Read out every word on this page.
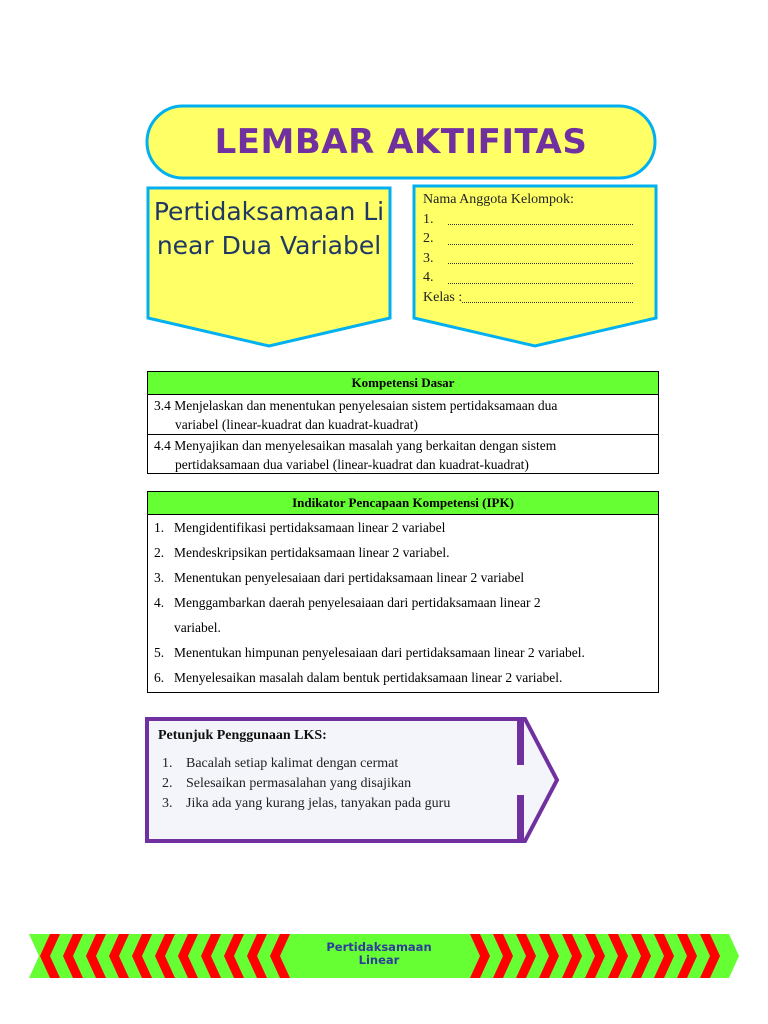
LEMBAR AKTIFITAS
Pertidaksamaan Linear Dua Variabel
Nama Anggota Kelompok:
1.
2.
3.
4.
Kelas :
Kompetensi Dasar
3.4 Menjelaskan dan menentukan penyelesaian sistem pertidaksamaan dua
variabel (linear-kuadrat dan kuadrat-kuadrat)
4.4 Menyajikan dan menyelesaikan masalah yang berkaitan dengan sistem
pertidaksamaan dua variabel (linear-kuadrat dan kuadrat-kuadrat)
Indikator Pencapaan Kompetensi (IPK)
1. Mengidentifikasi pertidaksamaan linear 2 variabel
2. Mendeskripsikan pertidaksamaan linear 2 variabel.
3. Menentukan penyelesaiaan dari pertidaksamaan linear 2 variabel
4. Menggambarkan daerah penyelesaiaan dari pertidaksamaan linear 2
variabel.
5. Menentukan himpunan penyelesaiaan dari pertidaksamaan linear 2 variabel.
6. Menyelesaikan masalah dalam bentuk pertidaksamaan linear 2 variabel.
Petunjuk Penggunaan LKS:
1. Bacalah setiap kalimat dengan cermat
2. Selesaikan permasalahan yang disajikan
3. Jika ada yang kurang jelas, tanyakan pada guru
Pertidaksamaan
Linear
